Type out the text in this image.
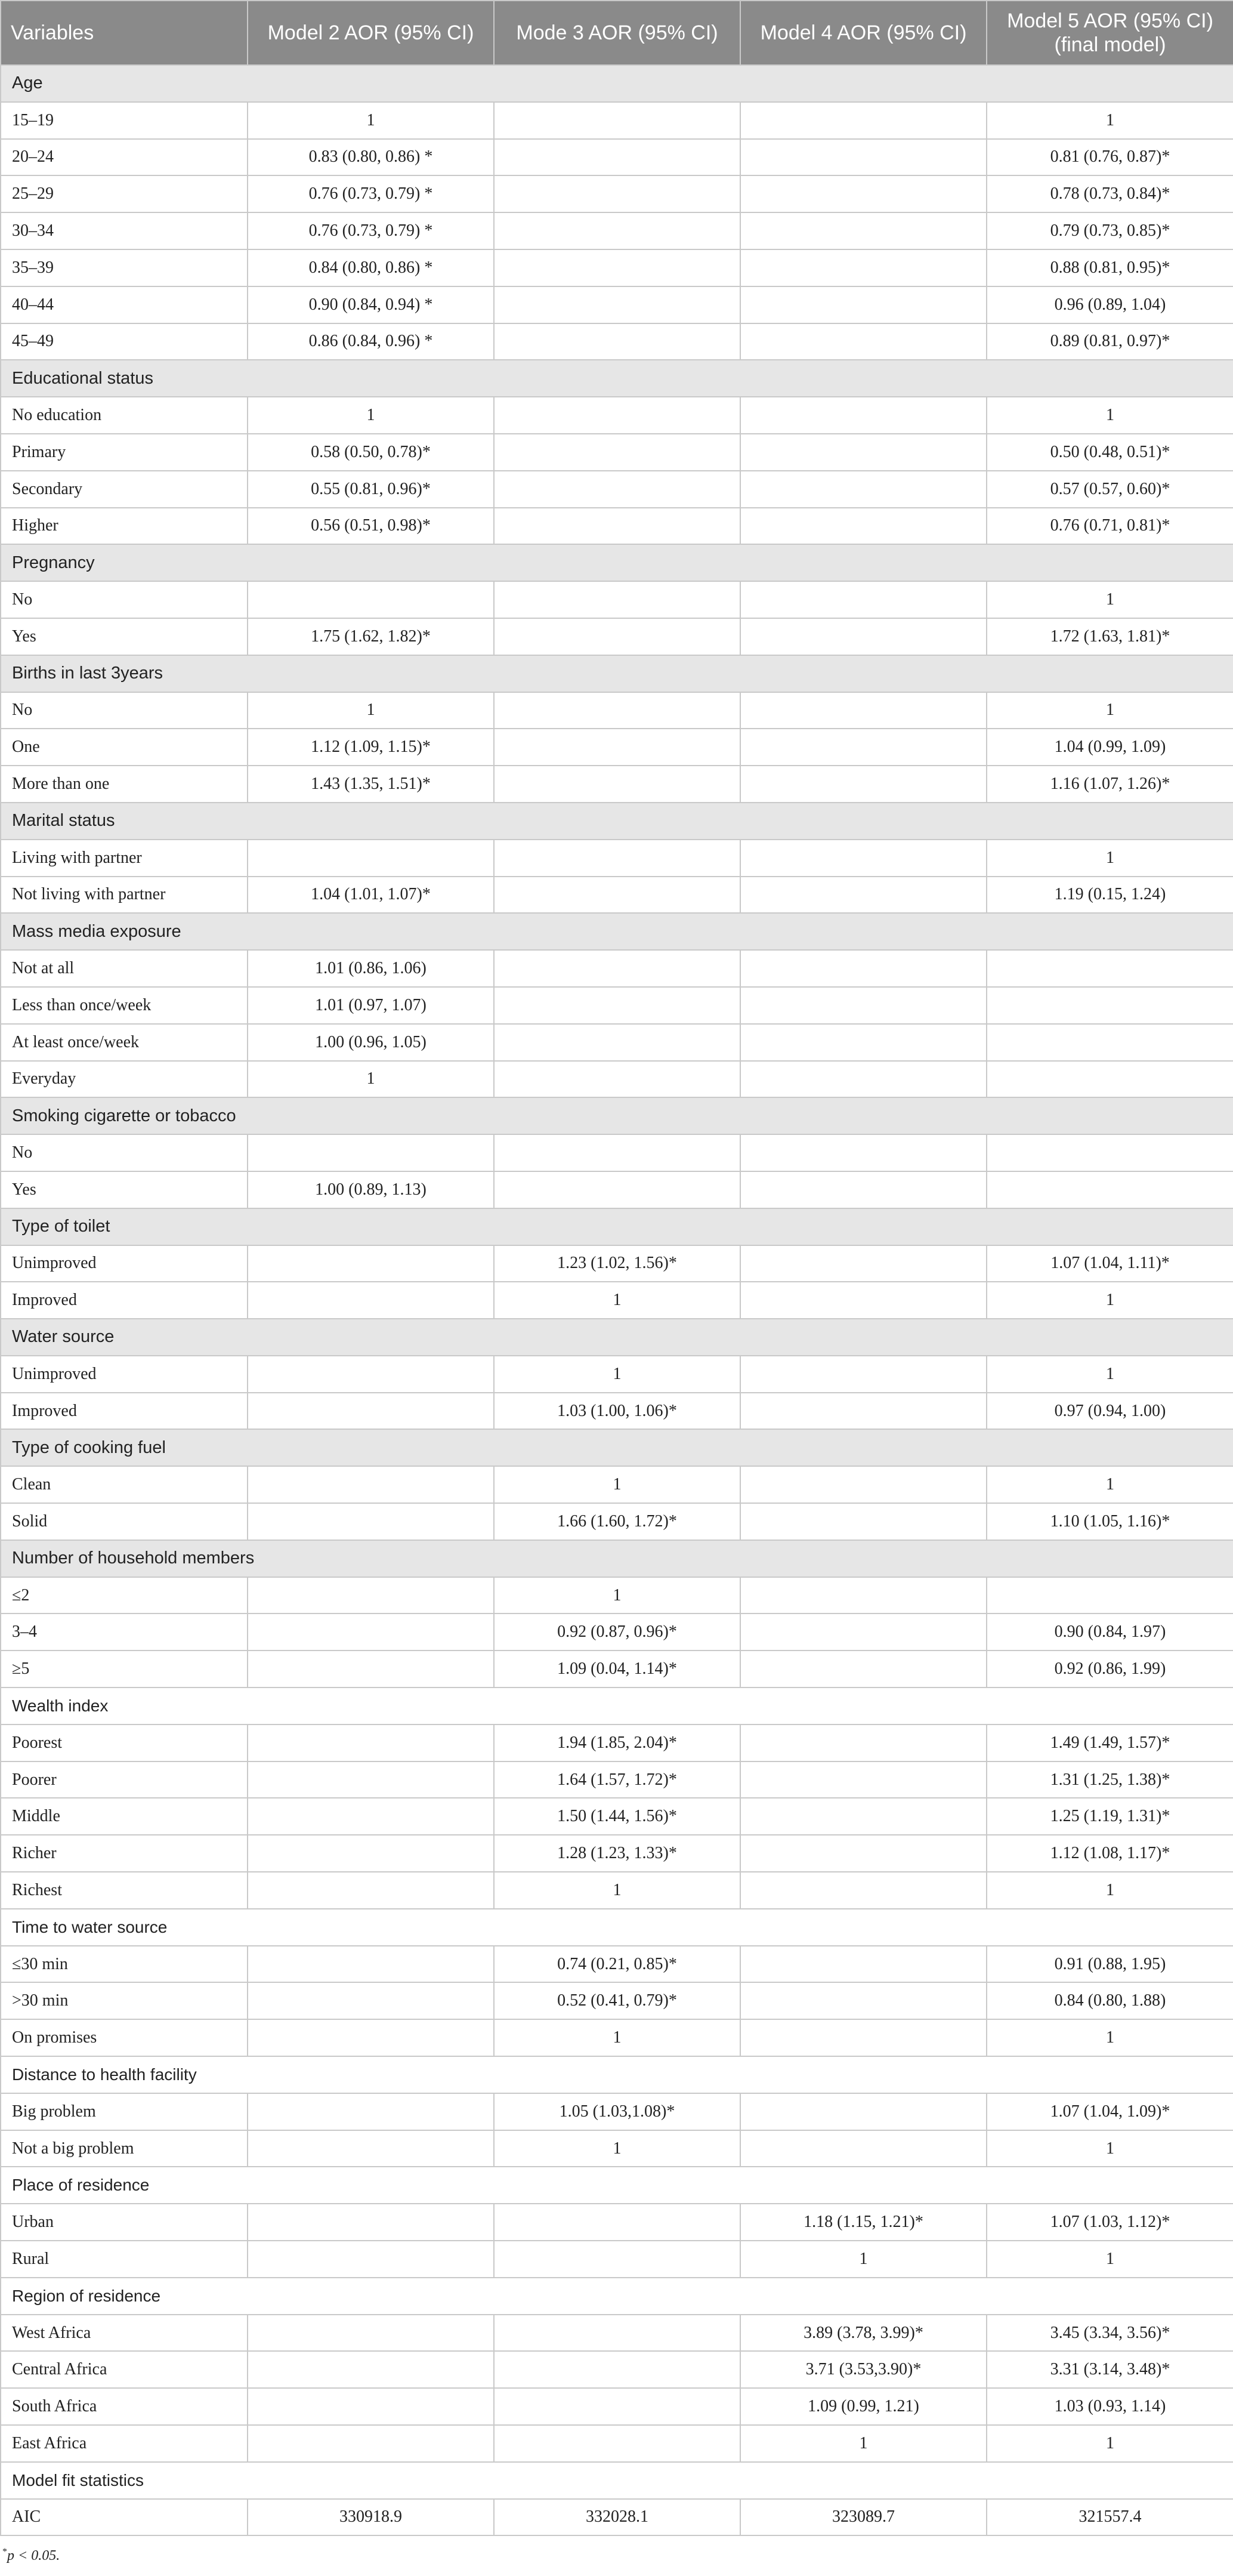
Variables	Model 2 AOR (95% CI)	Mode 3 AOR (95% CI)	Model 4 AOR (95% CI)	Model 5 AOR (95% CI) (final model)
Age				
15–19	1			1
20–24	0.83 (0.80, 0.86) *			0.81 (0.76, 0.87)*
25–29	0.76 (0.73, 0.79) *			0.78 (0.73, 0.84)*
30–34	0.76 (0.73, 0.79) *			0.79 (0.73, 0.85)*
35–39	0.84 (0.80, 0.86) *			0.88 (0.81, 0.95)*
40–44	0.90 (0.84, 0.94) *			0.96 (0.89, 1.04)
45–49	0.86 (0.84, 0.96) *			0.89 (0.81, 0.97)*
Educational status				
No education	1			1
Primary	0.58 (0.50, 0.78)*			0.50 (0.48, 0.51)*
Secondary	0.55 (0.81, 0.96)*			0.57 (0.57, 0.60)*
Higher	0.56 (0.51, 0.98)*			0.76 (0.71, 0.81)*
Pregnancy				
No				1
Yes	1.75 (1.62, 1.82)*			1.72 (1.63, 1.81)*
Births in last 3years				
No	1			1
One	1.12 (1.09, 1.15)*			1.04 (0.99, 1.09)
More than one	1.43 (1.35, 1.51)*			1.16 (1.07, 1.26)*
Marital status				
Living with partner				1
Not living with partner	1.04 (1.01, 1.07)*			1.19 (0.15, 1.24)
Mass media exposure				
Not at all	1.01 (0.86, 1.06)			
Less than once/week	1.01 (0.97, 1.07)			
At least once/week	1.00 (0.96, 1.05)			
Everyday	1			
Smoking cigarette or tobacco				
No				
Yes	1.00 (0.89, 1.13)			
Type of toilet				
Unimproved		1.23 (1.02, 1.56)*		1.07 (1.04, 1.11)*
Improved		1		1
Water source				
Unimproved		1		1
Improved		1.03 (1.00, 1.06)*		0.97 (0.94, 1.00)
Type of cooking fuel				
Clean		1		1
Solid		1.66 (1.60, 1.72)*		1.10 (1.05, 1.16)*
Number of household members				
≤2		1		
3–4		0.92 (0.87, 0.96)*		0.90 (0.84, 1.97)
≥5		1.09 (0.04, 1.14)*		0.92 (0.86, 1.99)
Wealth index				
Poorest		1.94 (1.85, 2.04)*		1.49 (1.49, 1.57)*
Poorer		1.64 (1.57, 1.72)*		1.31 (1.25, 1.38)*
Middle		1.50 (1.44, 1.56)*		1.25 (1.19, 1.31)*
Richer		1.28 (1.23, 1.33)*		1.12 (1.08, 1.17)*
Richest		1		1
Time to water source				
≤30 min		0.74 (0.21, 0.85)*		0.91 (0.88, 1.95)
>30 min		0.52 (0.41, 0.79)*		0.84 (0.80, 1.88)
On promises		1		1
Distance to health facility				
Big problem		1.05 (1.03,1.08)*		1.07 (1.04, 1.09)*
Not a big problem		1		1
Place of residence				
Urban			1.18 (1.15, 1.21)*	1.07 (1.03, 1.12)*
Rural			1	1
Region of residence				
West Africa			3.89 (3.78, 3.99)*	3.45 (3.34, 3.56)*
Central Africa			3.71 (3.53,3.90)*	3.31 (3.14, 3.48)*
South Africa			1.09 (0.99, 1.21)	1.03 (0.93, 1.14)
East Africa			1	1
Model fit statistics				
AIC	330918.9	332028.1	323089.7	321557.4
*p < 0.05.
